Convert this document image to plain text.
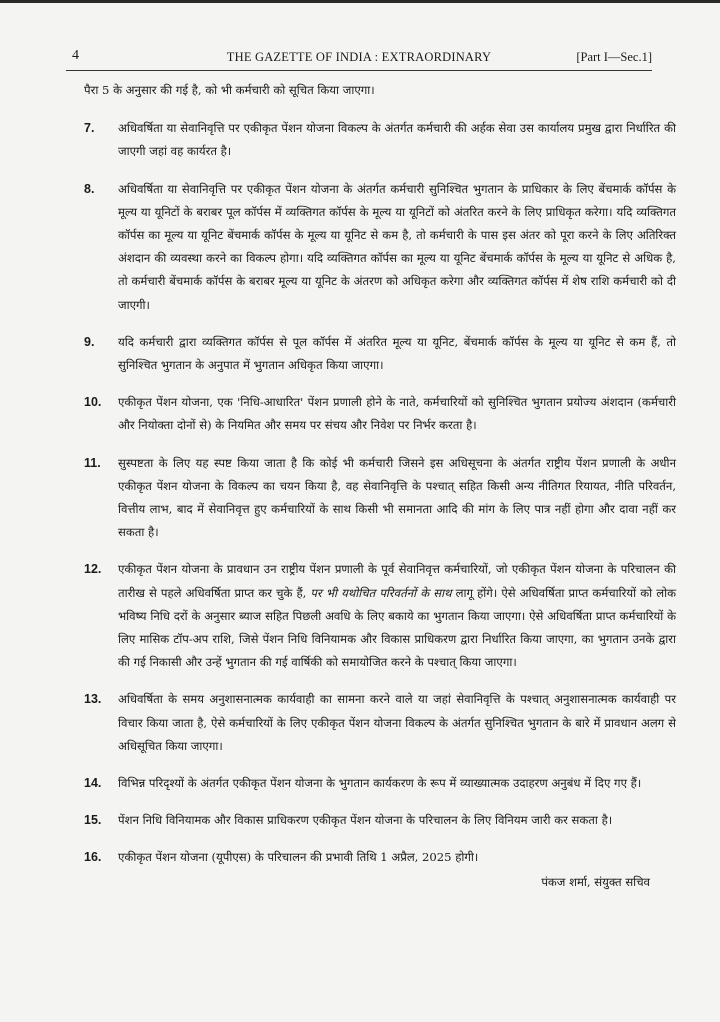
4	THE GAZETTE OF INDIA : EXTRAORDINARY	[Part I—Sec.1]

पैरा 5 के अनुसार की गई है, को भी कर्मचारी को सूचित किया जाएगा।

7. अधिवर्षिता या सेवानिवृत्ति पर एकीकृत पेंशन योजना विकल्प के अंतर्गत कर्मचारी की अर्हक सेवा उस कार्यालय प्रमुख द्वारा निर्धारित की जाएगी जहां वह कार्यरत है।
8. अधिवर्षिता या सेवानिवृत्ति पर एकीकृत पेंशन योजना के अंतर्गत कर्मचारी सुनिश्चित भुगतान के प्राधिकार के लिए बेंचमार्क कॉर्पस के मूल्य या यूनिटों के बराबर पूल कॉर्पस में व्यक्तिगत कॉर्पस के मूल्य या यूनिटों को अंतरित करने के लिए प्राधिकृत करेगा। यदि व्यक्तिगत कॉर्पस का मूल्य या यूनिट बेंचमार्क कॉर्पस के मूल्य या यूनिट से कम है, तो कर्मचारी के पास इस अंतर को पूरा करने के लिए अतिरिक्त अंशदान की व्यवस्था करने का विकल्प होगा। यदि व्यक्तिगत कॉर्पस का मूल्य या यूनिट बेंचमार्क कॉर्पस के मूल्य या यूनिट से अधिक है, तो कर्मचारी बेंचमार्क कॉर्पस के बराबर मूल्य या यूनिट के अंतरण को अधिकृत करेगा और व्यक्तिगत कॉर्पस में शेष राशि कर्मचारी को दी जाएगी।
9. यदि कर्मचारी द्वारा व्यक्तिगत कॉर्पस से पूल कॉर्पस में अंतरित मूल्य या यूनिट, बेंचमार्क कॉर्पस के मूल्य या यूनिट से कम हैं, तो सुनिश्चित भुगतान के अनुपात में भुगतान अधिकृत किया जाएगा।
10. एकीकृत पेंशन योजना, एक 'निधि-आधारित' पेंशन प्रणाली होने के नाते, कर्मचारियों को सुनिश्चित भुगतान प्रयोज्य अंशदान (कर्मचारी और नियोक्ता दोनों से) के नियमित और समय पर संचय और निवेश पर निर्भर करता है।
11. सुस्पष्टता के लिए यह स्पष्ट किया जाता है कि कोई भी कर्मचारी जिसने इस अधिसूचना के अंतर्गत राष्ट्रीय पेंशन प्रणाली के अधीन एकीकृत पेंशन योजना के विकल्प का चयन किया है, वह सेवानिवृत्ति के पश्चात् सहित किसी अन्य नीतिगत रियायत, नीति परिवर्तन, वित्तीय लाभ, बाद में सेवानिवृत्त हुए कर्मचारियों के साथ किसी भी समानता आदि की मांग के लिए पात्र नहीं होगा और दावा नहीं कर सकता है।
12. एकीकृत पेंशन योजना के प्रावधान उन राष्ट्रीय पेंशन प्रणाली के पूर्व सेवानिवृत्त कर्मचारियों, जो एकीकृत पेंशन योजना के परिचालन की तारीख से पहले अधिवर्षिता प्राप्त कर चुके हैं, पर भी यथोचित परिवर्तनों के साथ लागू होंगे। ऐसे अधिवर्षिता प्राप्त कर्मचारियों को लोक भविष्य निधि दरों के अनुसार ब्याज सहित पिछली अवधि के लिए बकाये का भुगतान किया जाएगा। ऐसे अधिवर्षिता प्राप्त कर्मचारियों के लिए मासिक टॉप-अप राशि, जिसे पेंशन निधि विनियामक और विकास प्राधिकरण द्वारा निर्धारित किया जाएगा, का भुगतान उनके द्वारा की गई निकासी और उन्हें भुगतान की गई वार्षिकी को समायोजित करने के पश्चात् किया जाएगा।
13. अधिवर्षिता के समय अनुशासनात्मक कार्यवाही का सामना करने वाले या जहां सेवानिवृत्ति के पश्चात् अनुशासनात्मक कार्यवाही पर विचार किया जाता है, ऐसे कर्मचारियों के लिए एकीकृत पेंशन योजना विकल्प के अंतर्गत सुनिश्चित भुगतान के बारे में प्रावधान अलग से अधिसूचित किया जाएगा।
14. विभिन्न परिदृश्यों के अंतर्गत एकीकृत पेंशन योजना के भुगतान कार्यकरण के रूप में व्याख्यात्मक उदाहरण अनुबंध में दिए गए हैं।
15. पेंशन निधि विनियामक और विकास प्राधिकरण एकीकृत पेंशन योजना के परिचालन के लिए विनियम जारी कर सकता है।
16. एकीकृत पेंशन योजना (यूपीएस) के परिचालन की प्रभावी तिथि 1 अप्रैल, 2025 होगी।
पंकज शर्मा, संयुक्त सचिव
